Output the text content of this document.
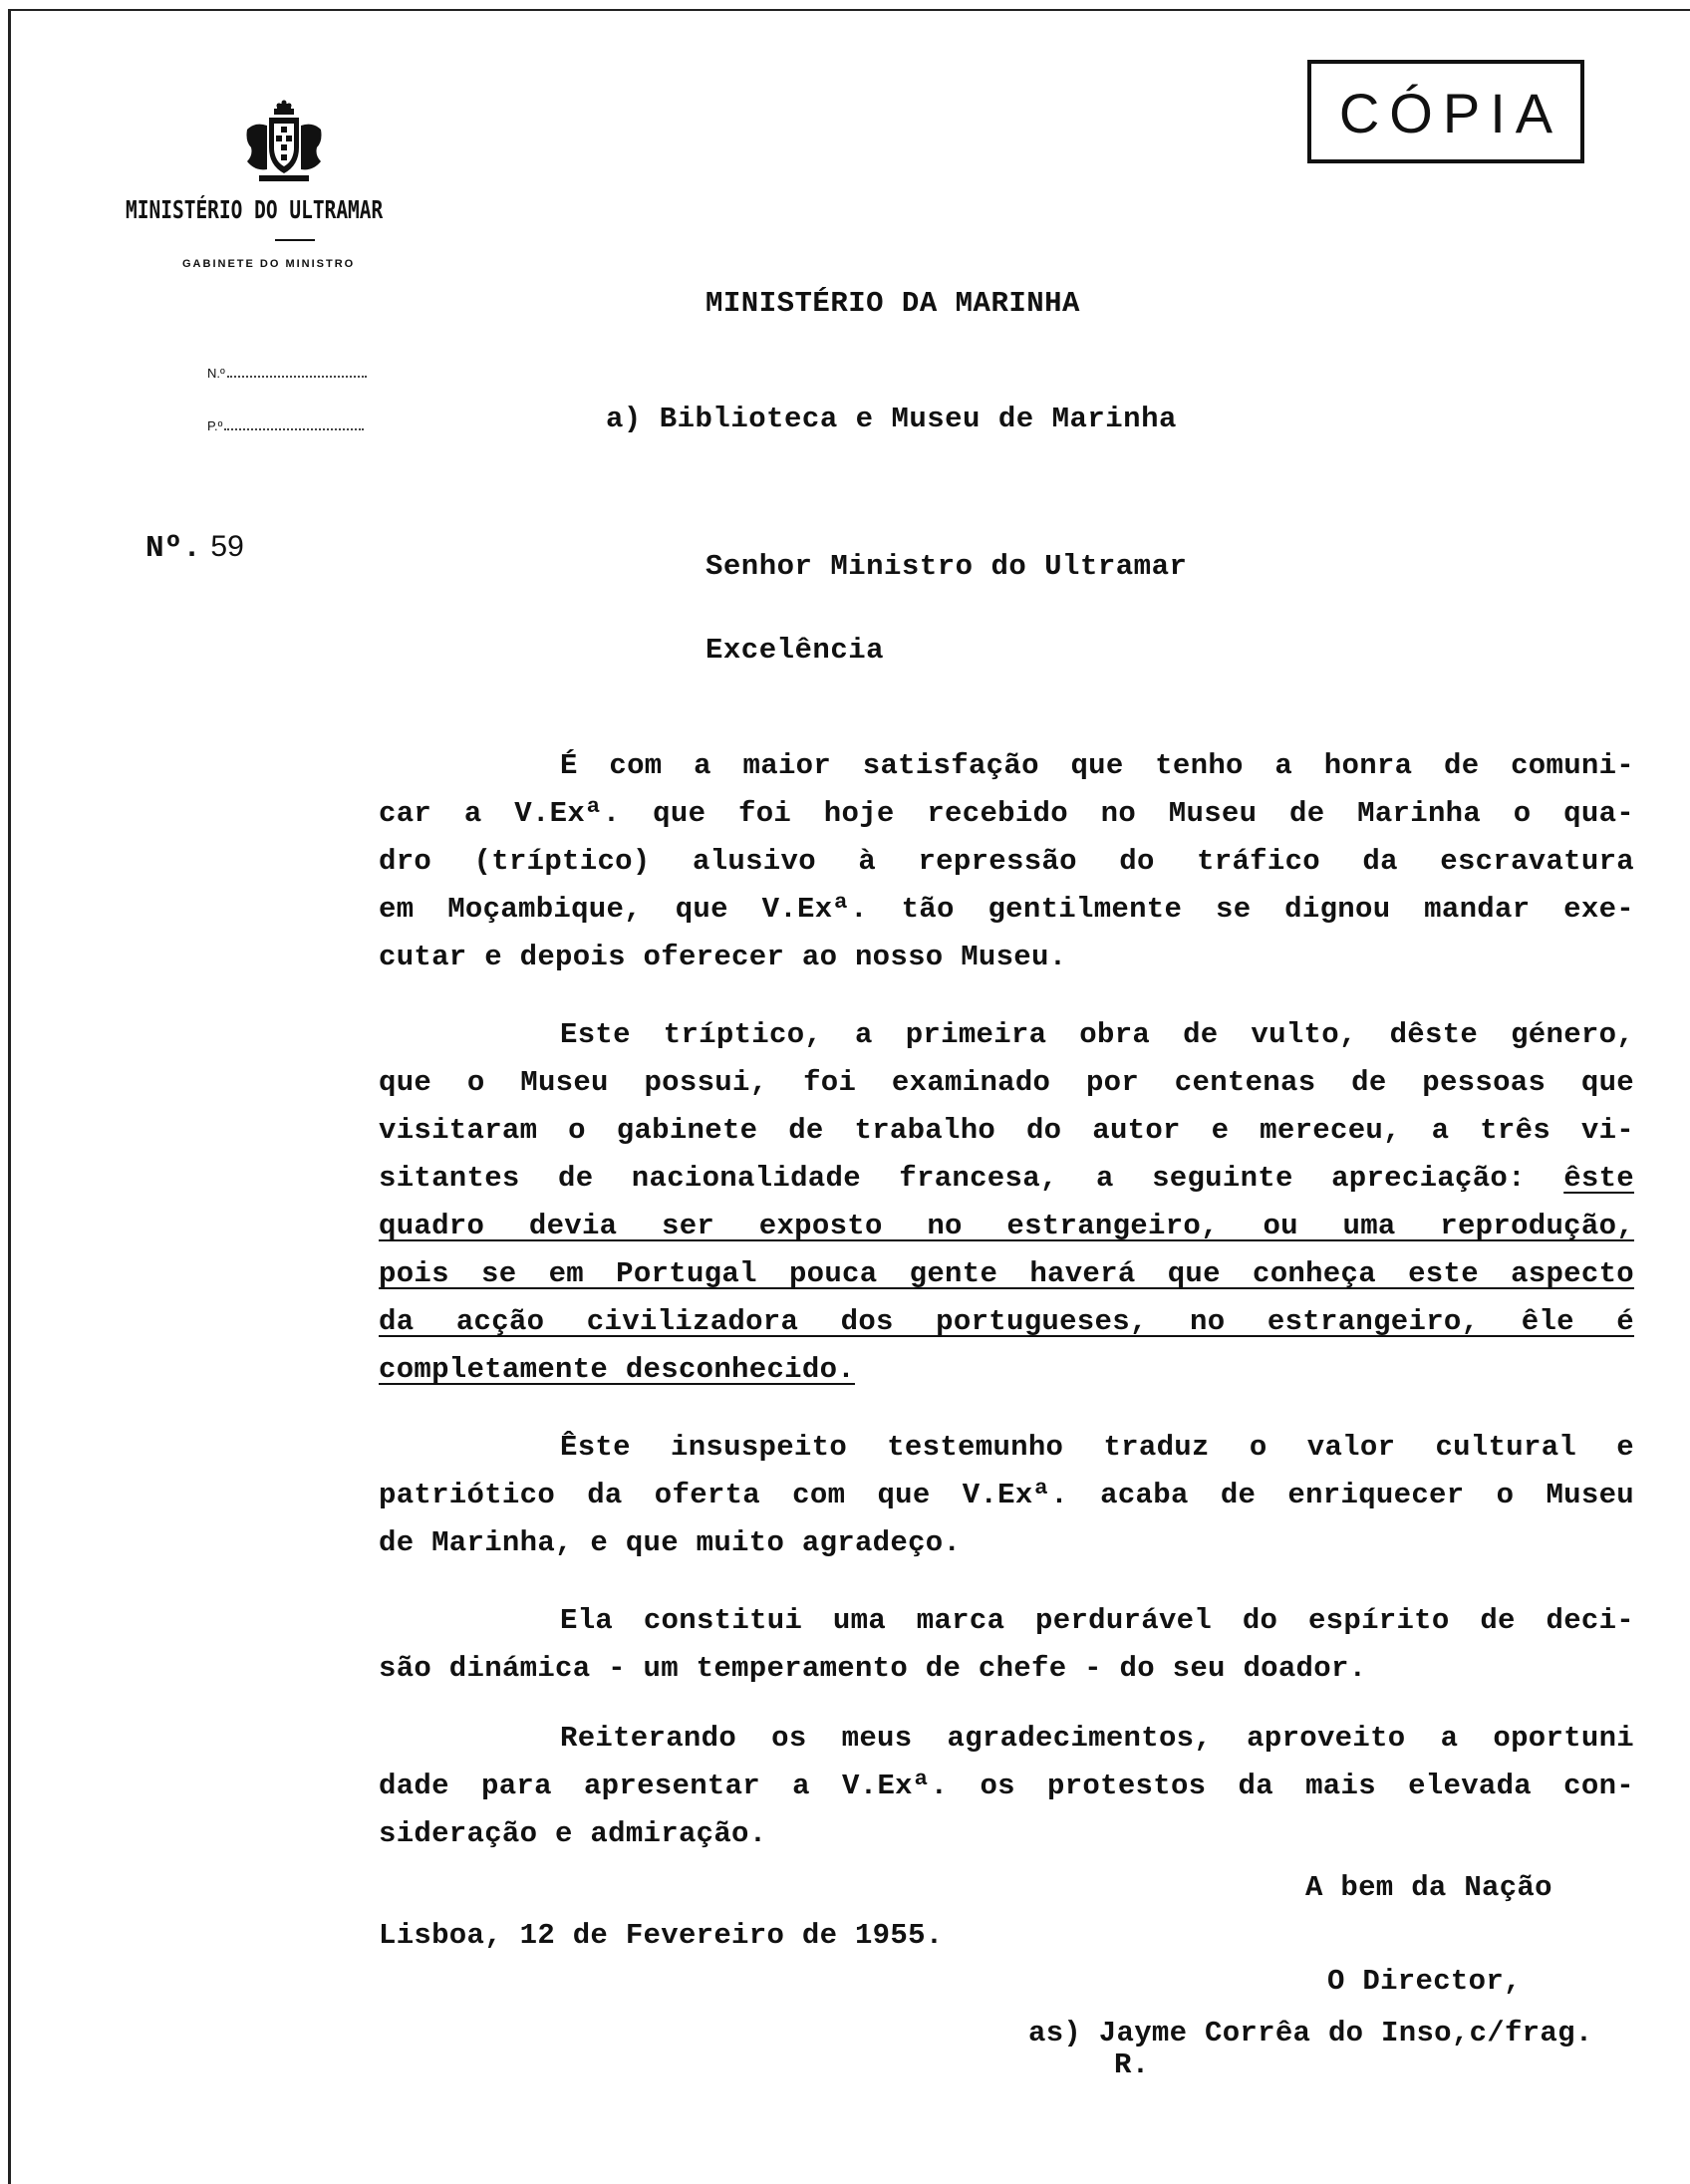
MINISTÉRIO DO ULTRAMAR
GABINETE DO MINISTRO
N.º
P.º
CÓPIA
MINISTÉRIO DA MARINHA
a) Biblioteca e Museu de Marinha
Nº. 59
Senhor Ministro do Ultramar
Excelência
É com a maior satisfação que tenho a honra de comuni-
car a V.Exª. que foi hoje recebido no Museu de Marinha o qua-
dro (tríptico) alusivo à repressão do tráfico da escravatura
em Moçambique, que V.Exª. tão gentilmente se dignou mandar exe-
cutar e depois oferecer ao nosso Museu.
Este tríptico, a primeira obra de vulto, dêste género,
que o Museu possui, foi examinado por centenas de pessoas que
visitaram o gabinete de trabalho do autor e mereceu, a três vi-
sitantes de nacionalidade francesa, a seguinte apreciação: êste
quadro devia ser exposto no estrangeiro, ou uma reprodução,
pois se em Portugal pouca gente haverá que conheça este aspecto
da acção civilizadora dos portugueses, no estrangeiro, êle é
completamente desconhecido.
Êste insuspeito testemunho traduz o valor cultural e
patriótico da oferta com que V.Exª. acaba de enriquecer o Museu
de Marinha, e que muito agradeço.
Ela constitui uma marca perdurável do espírito de deci-
são dinámica - um temperamento de chefe - do seu doador.
Reiterando os meus agradecimentos, aproveito a oportuni
dade para apresentar a V.Exª. os protestos da mais elevada con-
sideração e admiração.
A bem da Nação
Lisboa, 12 de Fevereiro de 1955.
O Director,
as) Jayme Corrêa do Inso,c/frag.
R.
